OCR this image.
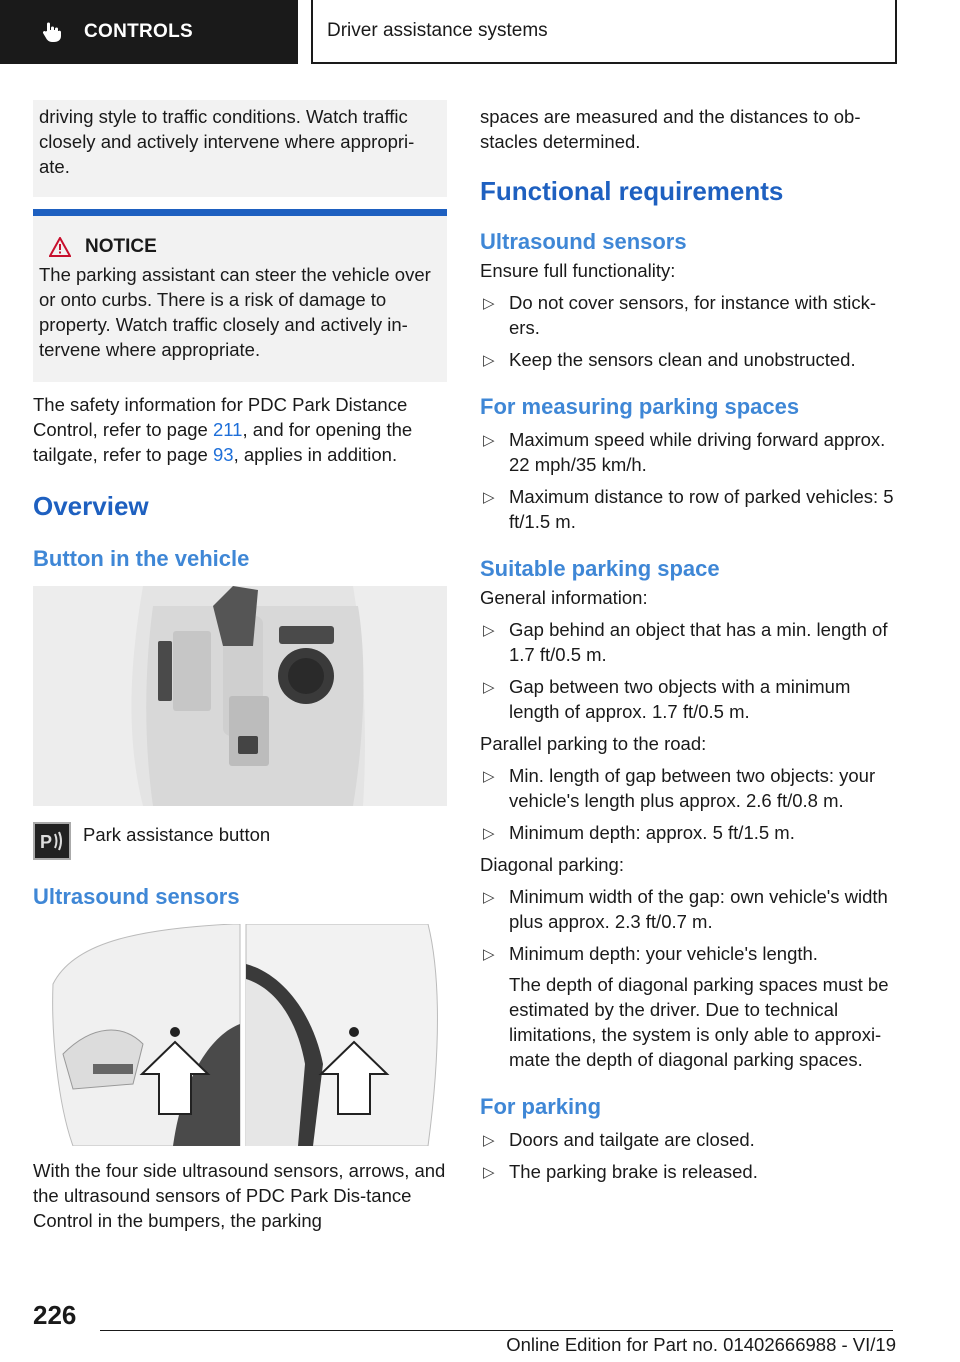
CONTROLS	Driver assistance systems

driving style to traffic conditions. Watch traffic closely and actively intervene where appropri‐ate.

NOTICE

The parking assistant can steer the vehicle over or onto curbs. There is a risk of damage to property. Watch traffic closely and actively in‐tervene where appropriate.

The safety information for PDC Park Distance Control, refer to page 211, and for opening the tailgate, refer to page 93, applies in addition.

Overview
Button in the vehicle
P Park assistance button

Ultrasound sensors

With the four side ultrasound sensors, arrows, and the ultrasound sensors of PDC Park Dis‐tance Control in the bumpers, the parking

spaces are measured and the distances to ob‐stacles determined.

Functional requirements
Ultrasound sensors

Ensure full functionality:

▷ Do not cover sensors, for instance with stick‐ers.
▷ Keep the sensors clean and unobstructed.
For measuring parking spaces
▷ Maximum speed while driving forward approx. 22 mph/35 km/h.
▷ Maximum distance to row of parked vehicles: 5 ft/1.5 m.
Suitable parking space

General information:

▷ Gap behind an object that has a min. length of 1.7 ft/0.5 m.
▷ Gap between two objects with a minimum length of approx. 1.7 ft/0.5 m.

Parallel parking to the road:

▷ Min. length of gap between two objects: your vehicle's length plus approx. 2.6 ft/0.8 m.
▷ Minimum depth: approx. 5 ft/1.5 m.

Diagonal parking:

▷ Minimum width of the gap: own vehicle's width plus approx. 2.3 ft/0.7 m.
▷ Minimum depth: your vehicle's length.

The depth of diagonal parking spaces must be estimated by the driver. Due to technical limitations, the system is only able to approxi‐mate the depth of diagonal parking spaces.

For parking
▷ Doors and tailgate are closed.
▷ The parking brake is released.
226
Online Edition for Part no. 01402666988 - VI/19
